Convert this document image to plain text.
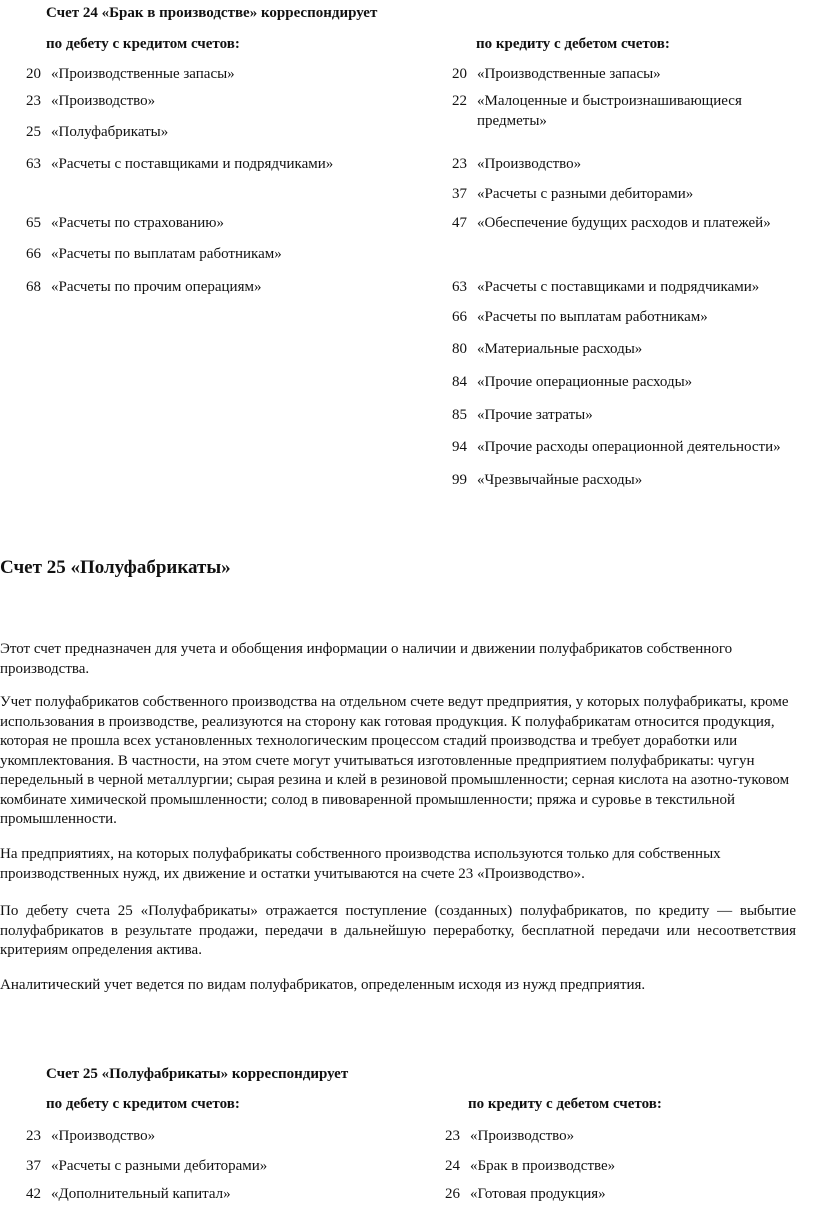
Счет 24 «Брак в производстве» корреспондирует
по дебету с кредитом счетов:	по кредиту с дебетом счетов:
20 «Производственные запасы»
23 «Производство»
25 «Полуфабрикаты»
63 «Расчеты с поставщиками и подрядчиками»
65 «Расчеты по страхованию»
66 «Расчеты по выплатам работникам»
68 «Расчеты по прочим операциям»
20 «Производственные запасы»
22 «Малоценные и быстроизнашивающиеся предметы»
23 «Производство»
37 «Расчеты с разными дебиторами»
47 «Обеспечение будущих расходов и платежей»
63 «Расчеты с поставщиками и подрядчиками»
66 «Расчеты по выплатам работникам»
80 «Материальные расходы»
84 «Прочие операционные расходы»
85 «Прочие затраты»
94 «Прочие расходы операционной деятельности»
99 «Чрезвычайные расходы»
Счет 25 «Полуфабрикаты»

Этот счет предназначен для учета и обобщения информации о наличии и движении полуфабрикатов собственного производства.

Учет полуфабрикатов собственного производства на отдельном счете ведут предприятия, у которых полуфабрикаты, кроме использования в производстве, реализуются на сторону как готовая продукция. К полуфабрикатам относится продукция, которая не прошла всех установленных технологическим процессом стадий производства и требует доработки или укомплектования. В частности, на этом счете могут учитываться изготовленные предприятием полуфабрикаты: чугун передельный в черной металлургии; сырая резина и клей в резиновой промышленности; серная кислота на азотно-туковом комбинате химической промышленности; солод в пивоваренной промышленности; пряжа и суровье в текстильной промышленности.

На предприятиях, на которых полуфабрикаты собственного производства используются только для собственных производственных нужд, их движение и остатки учитываются на счете 23 «Производство».

По дебету счета 25 «Полуфабрикаты» отражается поступление (созданных) полуфабрикатов, по кредиту — выбытие полуфабрикатов в результате продажи, передачи в дальнейшую переработку, бесплатной передачи или несоответствия критериям определения актива.

Аналитический учет ведется по видам полуфабрикатов, определенным исходя из нужд предприятия.

Счет 25 «Полуфабрикаты» корреспондирует
по дебету с кредитом счетов:	по кредиту с дебетом счетов:
23 «Производство»
37 «Расчеты с разными дебиторами»
42 «Дополнительный капитал»
23 «Производство»
24 «Брак в производстве»
26 «Готовая продукция»
